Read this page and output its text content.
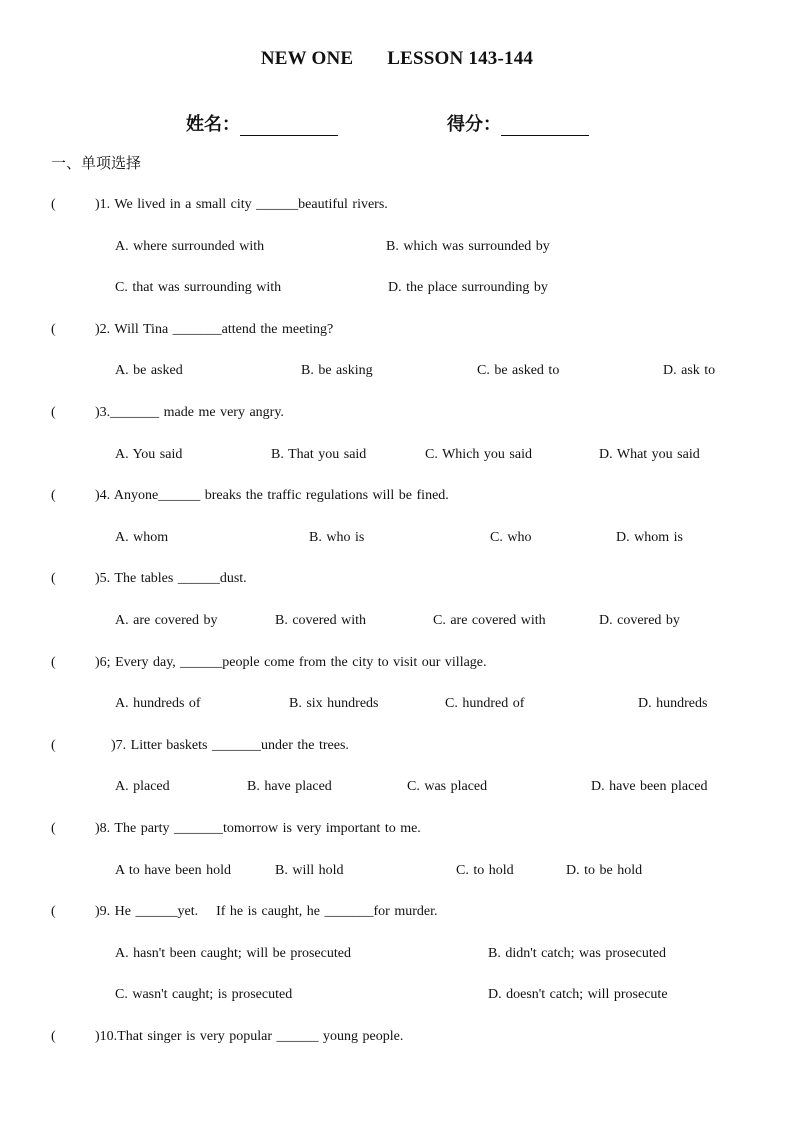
NEW ONE LESSON 143-144
姓名：	得分：
一、单项选择
(	)1. We lived in a small city ______beautiful rivers.
A. where surrounded with	B. which was surrounded by
C. that was surrounding with	D. the place surrounding by
(	)2. Will Tina _______attend the meeting?
A. be asked	B. be asking	C. be asked to	D. ask to
(	)3._______ made me very angry.
A. You said	B. That you said	C. Which you said	D. What you said
(	)4. Anyone______ breaks the traffic regulations will be fined.
A. whom	B. who is	C. who	D. whom is
(	)5. The tables ______dust.
A. are covered by	B. covered with	C. are covered with	D. covered by
(	)6; Every day, ______people come from the city to visit our village.
A. hundreds of	B. six hundreds	C. hundred of	D. hundreds
(	)7. Litter baskets _______under the trees.
A. placed	B. have placed	C. was placed	D. have been placed
(	)8. The party _______tomorrow is very important to me.
A to have been hold	B. will hold	C. to hold	D. to be hold
(	)9. He ______yet.    If he is caught, he _______for murder.
A. hasn't been caught; will be prosecuted	B. didn't catch; was prosecuted
C. wasn't caught; is prosecuted	D. doesn't catch; will prosecute
(	)10.That singer is very popular ______ young people.
